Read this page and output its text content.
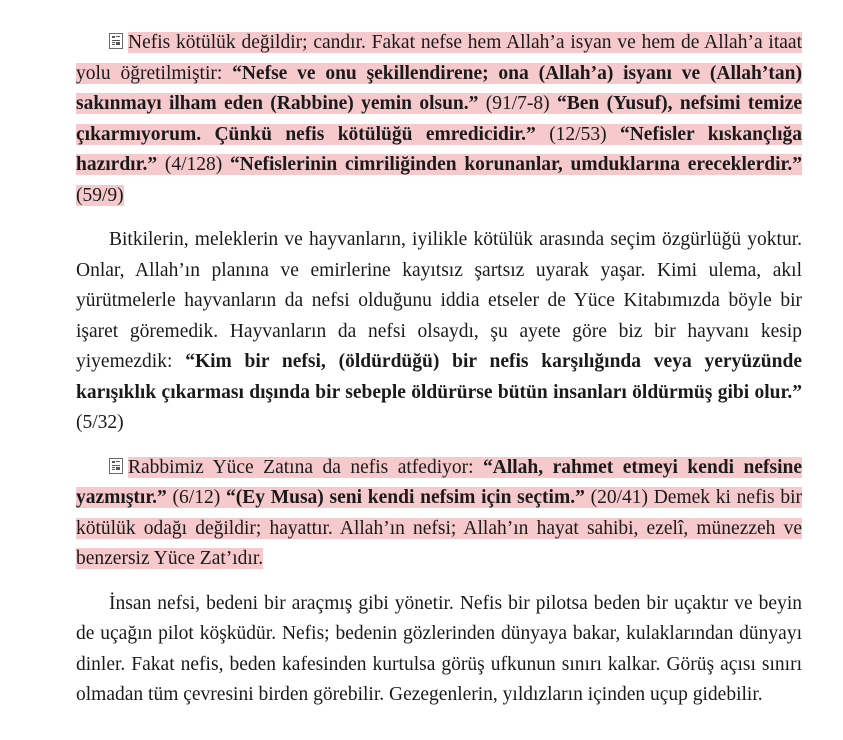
Nefis kötülük değildir; candır. Fakat nefse hem Allah’a isyan ve hem de Allah’a itaat yolu öğretilmiştir: “Nefse ve onu şekillendirene; ona (Allah’a) isyanı ve (Allah’tan) sakınmayı ilham eden (Rabbine) yemin olsun.” (91/7-8) “Ben (Yusuf), nefsimi temize çıkarmıyorum. Çünkü nefis kötülüğü emredicidir.” (12/53) “Nefisler kıskançlığa hazırdır.” (4/128) “Nefislerinin cimriliğinden korunanlar, umduklarına ereceklerdir.” (59/9)

Bitkilerin, meleklerin ve hayvanların, iyilikle kötülük arasında seçim özgürlüğü yoktur. Onlar, Allah’ın planına ve emirlerine kayıtsız şartsız uyarak yaşar. Kimi ulema, akıl yürütmelerle hayvanların da nefsi olduğunu iddia etseler de Yüce Kitabımızda böyle bir işaret göremedik. Hayvanların da nefsi olsaydı, şu ayete göre biz bir hayvanı kesip yiyemezdik: “Kim bir nefsi, (öldürdüğü) bir nefis karşılığında veya yeryüzünde karışıklık çıkarması dışında bir sebeple öldürürse bütün insanları öldürmüş gibi olur.” (5/32)

Rabbimiz Yüce Zatına da nefis atfediyor: “Allah, rahmet etmeyi kendi nefsine yazmıştır.” (6/12) “(Ey Musa) seni kendi nefsim için seçtim.” (20/41) Demek ki nefis bir kötülük odağı değildir; hayattır. Allah’ın nefsi; Allah’ın hayat sahibi, ezelî, münezzeh ve benzersiz Yüce Zat’ıdır.

İnsan nefsi, bedeni bir araçmış gibi yönetir. Nefis bir pilotsa beden bir uçaktır ve beyin de uçağın pilot köşküdür. Nefis; bedenin gözlerinden dünyaya bakar, kulaklarından dünyayı dinler. Fakat nefis, beden kafesinden kurtulsa görüş ufkunun sınırı kalkar. Görüş açısı sınırı olmadan tüm çevresini birden görebilir. Gezegenlerin, yıldızların içinden uçup gidebilir.
